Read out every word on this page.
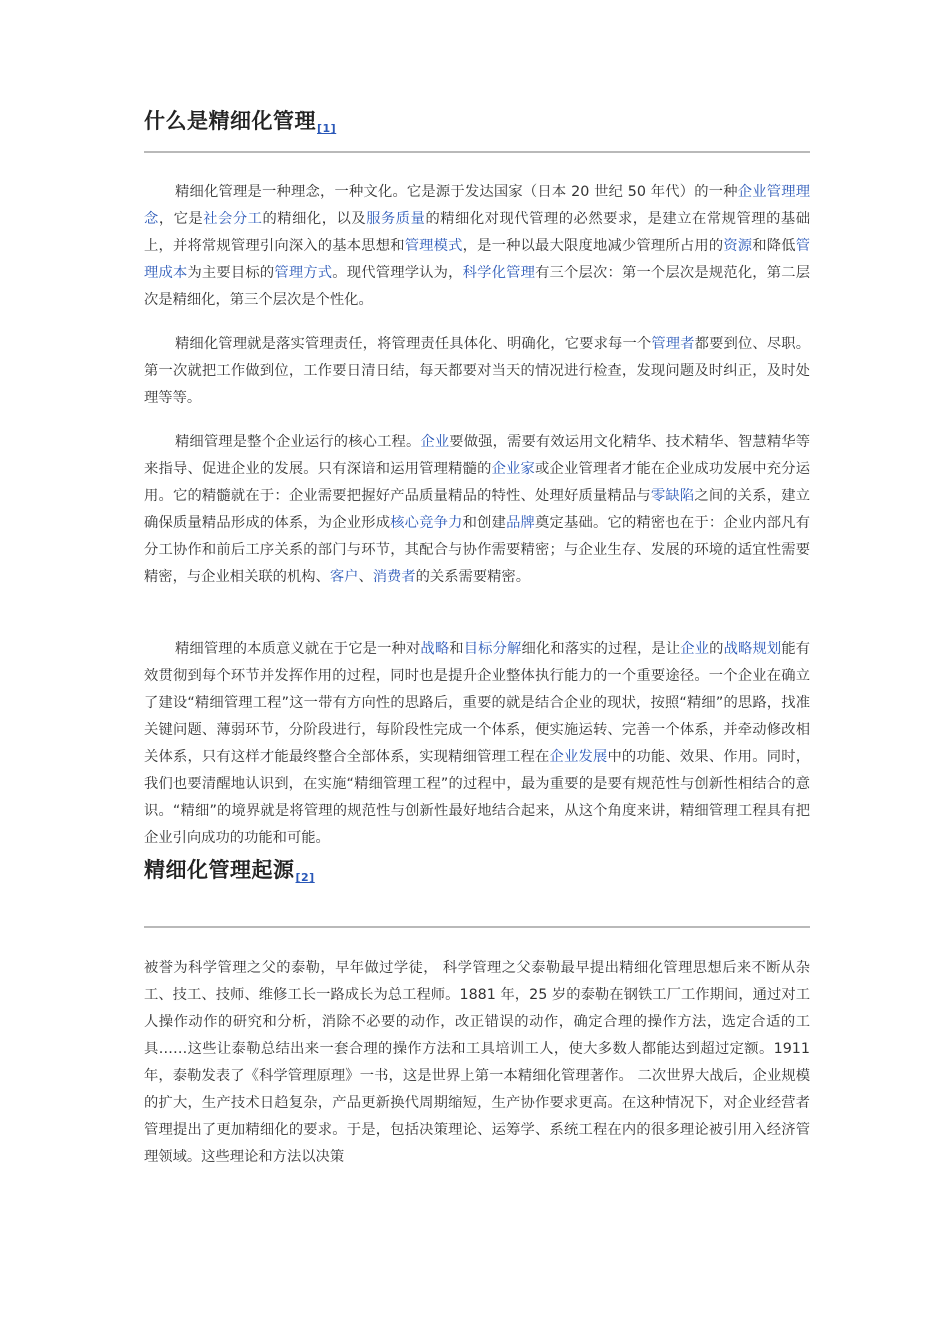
什么是精细化管理[1]

精细化管理是一种理念，一种文化。它是源于发达国家（日本 20 世纪 50 年代）的一种企业管理理念，它是社会分工的精细化，以及服务质量的精细化对现代管理的必然要求，是建立在常规管理的基础上，并将常规管理引向深入的基本思想和管理模式，是一种以最大限度地减少管理所占用的资源和降低管理成本为主要目标的管理方式。现代管理学认为，科学化管理有三个层次：第一个层次是规范化，第二层次是精细化，第三个层次是个性化。

精细化管理就是落实管理责任，将管理责任具体化、明确化，它要求每一个管理者都要到位、尽职。第一次就把工作做到位，工作要日清日结，每天都要对当天的情况进行检查，发现问题及时纠正，及时处理等等。

精细管理是整个企业运行的核心工程。企业要做强，需要有效运用文化精华、技术精华、智慧精华等来指导、促进企业的发展。只有深谙和运用管理精髓的企业家或企业管理者才能在企业成功发展中充分运用。它的精髓就在于：企业需要把握好产品质量精品的特性、处理好质量精品与零缺陷之间的关系，建立确保质量精品形成的体系，为企业形成核心竞争力和创建品牌奠定基础。它的精密也在于：企业内部凡有分工协作和前后工序关系的部门与环节，其配合与协作需要精密；与企业生存、发展的环境的适宜性需要精密，与企业相关联的机构、客户、消费者的关系需要精密。

精细管理的本质意义就在于它是一种对战略和目标分解细化和落实的过程，是让企业的战略规划能有效贯彻到每个环节并发挥作用的过程，同时也是提升企业整体执行能力的一个重要途径。一个企业在确立了建设“精细管理工程”这一带有方向性的思路后，重要的就是结合企业的现状，按照“精细”的思路，找准关键问题、薄弱环节，分阶段进行，每阶段性完成一个体系，便实施运转、完善一个体系，并牵动修改相关体系，只有这样才能最终整合全部体系，实现精细管理工程在企业发展中的功能、效果、作用。同时，我们也要清醒地认识到，在实施“精细管理工程”的过程中，最为重要的是要有规范性与创新性相结合的意识。“精细”的境界就是将管理的规范性与创新性最好地结合起来，从这个角度来讲，精细管理工程具有把企业引向成功的功能和可能。

精细化管理起源[2]

被誉为科学管理之父的泰勒，早年做过学徒， 科学管理之父泰勒最早提出精细化管理思想后来不断从杂工、技工、技师、维修工长一路成长为总工程师。1881 年，25 岁的泰勒在钢铁工厂工作期间，通过对工人操作动作的研究和分析，消除不必要的动作，改正错误的动作，确定合理的操作方法，选定合适的工具……这些让泰勒总结出来一套合理的操作方法和工具培训工人，使大多数人都能达到超过定额。1911 年，泰勒发表了《科学管理原理》一书，这是世界上第一本精细化管理著作。 二次世界大战后，企业规模的扩大，生产技术日趋复杂，产品更新换代周期缩短，生产协作要求更高。在这种情况下，对企业经营者管理提出了更加精细化的要求。于是，包括决策理论、运筹学、系统工程在内的很多理论被引用入经济管理领域。这些理论和方法以决策
